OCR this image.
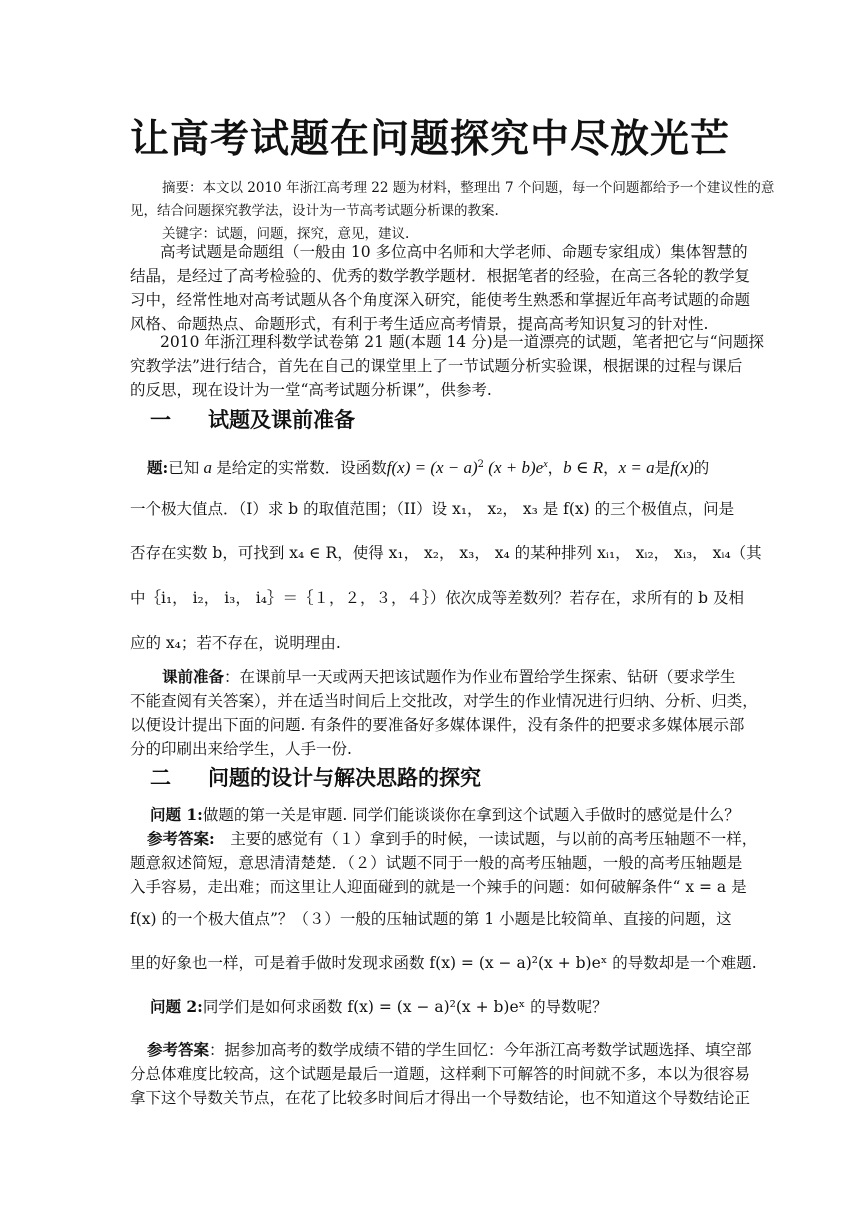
让高考试题在问题探究中尽放光芒
摘要：本文以 2010 年浙江高考理 22 题为材料，整理出 7 个问题，每一个问题都给予一个建议性的意
见，结合问题探究教学法，设计为一节高考试题分析课的教案.
关键字：试题，问题，探究，意见，建议.
高考试题是命题组（一般由 10 多位高中名师和大学老师、命题专家组成）集体智慧的
结晶，是经过了高考检验的、优秀的数学教学题材．根据笔者的经验，在高三各轮的教学复
习中，经常性地对高考试题从各个角度深入研究，能使考生熟悉和掌握近年高考试题的命题
风格、命题热点、命题形式，有利于考生适应高考情景，提高高考知识复习的针对性.
2010 年浙江理科数学试卷第 21 题(本题 14 分)是一道漂亮的试题，笔者把它与“问题探
究教学法”进行结合，首先在自己的课堂里上了一节试题分析实验课，根据课的过程与课后
的反思，现在设计为一堂“高考试题分析课”，供参考.
一 试题及课前准备
题:已知 a 是给定的实常数．设函数$f(x) = (x - a)^2$ $(x + b)e^x$，b ∈ R，x = a是f(x)的
一个极大值点．（I）求 b 的取值范围；（II）设 x₁， x₂， x₃ 是 f(x) 的三个极值点，问是
否存在实数 b，可找到 x₄ ∈ R，使得 x₁， x₂， x₃， x₄ 的某种排列 xᵢ₁， xᵢ₂， xᵢ₃， xᵢ₄（其
中｛i₁， i₂， i₃， i₄｝＝｛１，２，３，４｝）依次成等差数列？若存在，求所有的 b 及相
应的 x₄；若不存在，说明理由.
课前准备：在课前早一天或两天把该试题作为作业布置给学生探索、钻研（要求学生
不能查阅有关答案），并在适当时间后上交批改，对学生的作业情况进行归纳、分析、归类，
以便设计提出下面的问题. 有条件的要准备好多媒体课件，没有条件的把要求多媒体展示部
分的印刷出来给学生，人手一份.
二 问题的设计与解决思路的探究
问题 1:做题的第一关是审题. 同学们能谈谈你在拿到这个试题入手做时的感觉是什么？
参考答案:　主要的感觉有（１）拿到手的时候，一读试题，与以前的高考压轴题不一样，
题意叙述简短，意思清清楚楚．（２）试题不同于一般的高考压轴题，一般的高考压轴题是
入手容易，走出难；而这里让人迎面碰到的就是一个辣手的问题：如何破解条件“ x = a 是
f(x) 的一个极大值点”？（３）一般的压轴试题的第 1 小题是比较简单、直接的问题，这
里的好象也一样，可是着手做时发现求函数 f(x) = (x − a)²(x + b)eˣ 的导数却是一个难题.
问题 2:同学们是如何求函数 f(x) = (x − a)²(x + b)eˣ 的导数呢？
参考答案：据参加高考的数学成绩不错的学生回忆：今年浙江高考数学试题选择、填空部
分总体难度比较高，这个试题是最后一道题，这样剩下可解答的时间就不多，本以为很容易
拿下这个导数关节点，在花了比较多时间后才得出一个导数结论，也不知道这个导数结论正
